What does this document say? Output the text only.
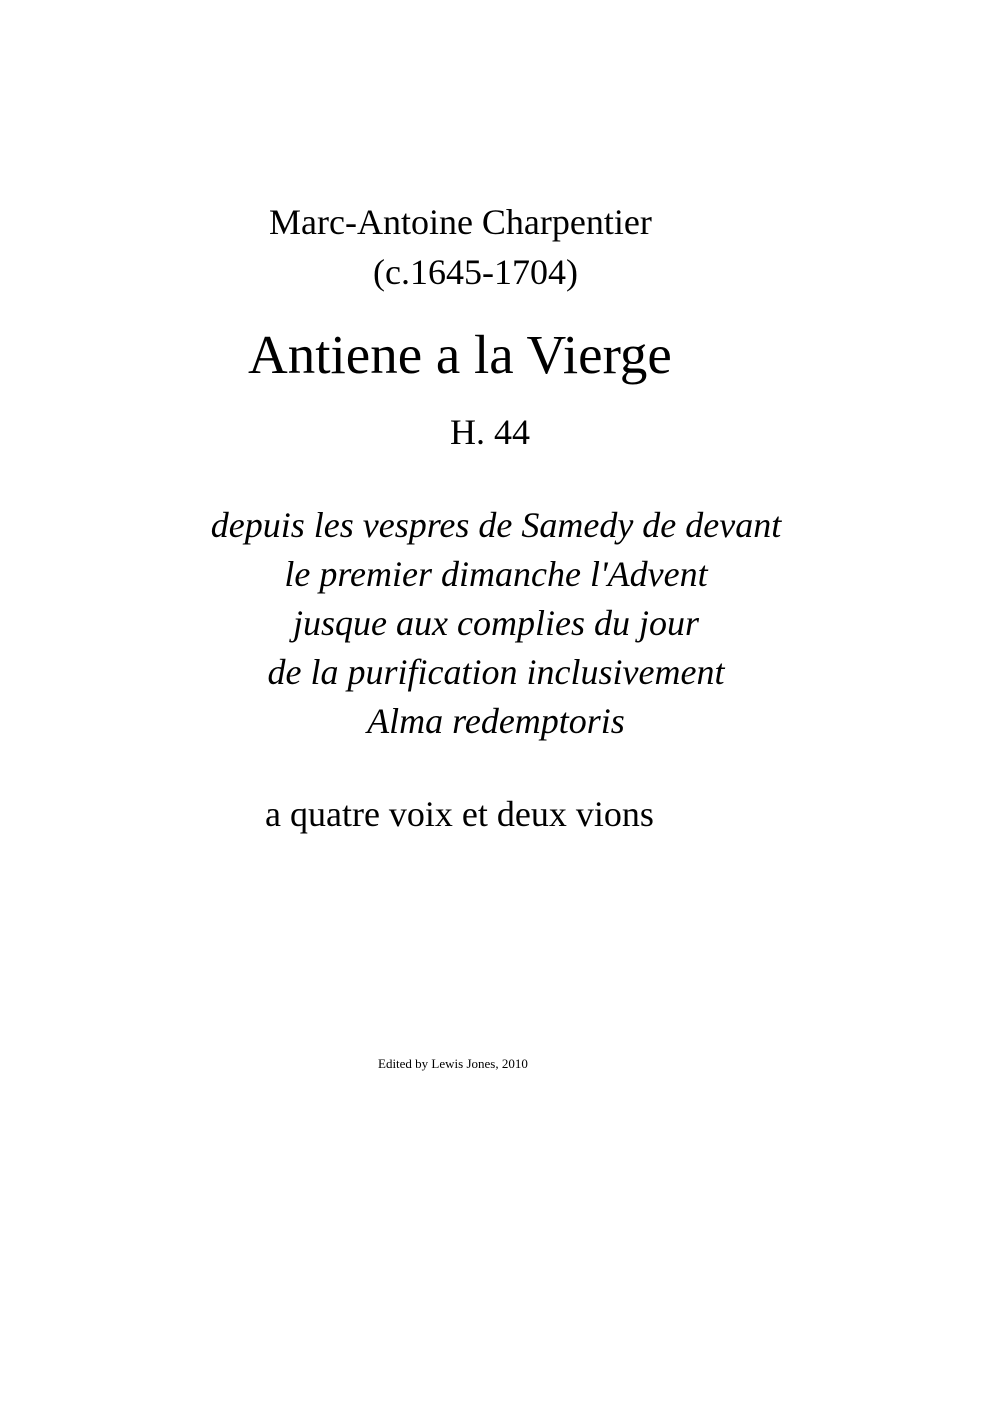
Marc-Antoine Charpentier
(c.1645-1704)
Antiene a la Vierge
H. 44
depuis les vespres de Samedy de devant
le premier dimanche l'Advent
jusque aux complies du jour
de la purification inclusivement
Alma redemptoris
a quatre voix et deux vions
Edited by Lewis Jones, 2010
